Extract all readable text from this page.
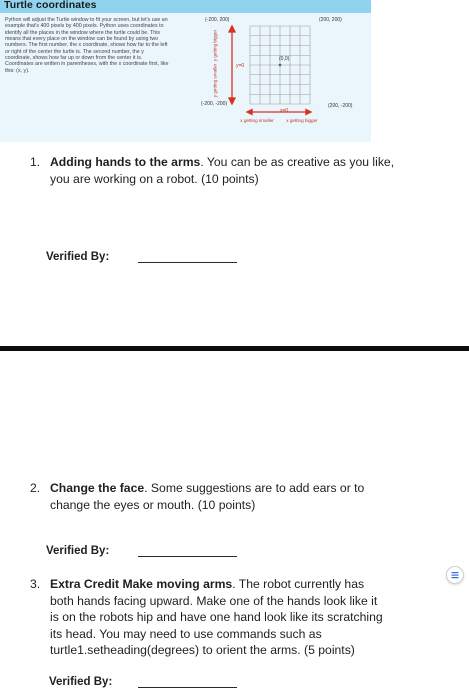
Turtle coordinates
Python will adjust the Turtle window to fit your screen, but let's use an example that's 400 pixels by 400 pixels. Python uses coordinates to identify all the places in the window where the turtle could be. This means that every place on the window can be found by using two numbers. The first number, the x coordinate, shows how far to the left or right of the center the turtle is. The second number, the y coordinate, shows how far up or down from the center it is. Coordinates are written in parentheses, with the x coordinate first, like this: (x, y).
(-200, 200)	(200, 200)
(-200, -200)	(200, -200)
(0,0)
y=0
x=0
y getting bigger
y getting smaller
x getting smaller	x getting bigger
1. Adding hands to the arms. You can be as creative as you like,
you are working on a robot. (10 points)
Verified By:
2. Change the face. Some suggestions are to add ears or to
change the eyes or mouth. (10 points)
Verified By:
3. Extra Credit Make moving arms. The robot currently has
both hands facing upward. Make one of the hands look like it
is on the robots hip and have one hand look like its scratching
its head. You may need to use commands such as
turtle1.setheading(degrees) to orient the arms. (5 points)
Verified By:
